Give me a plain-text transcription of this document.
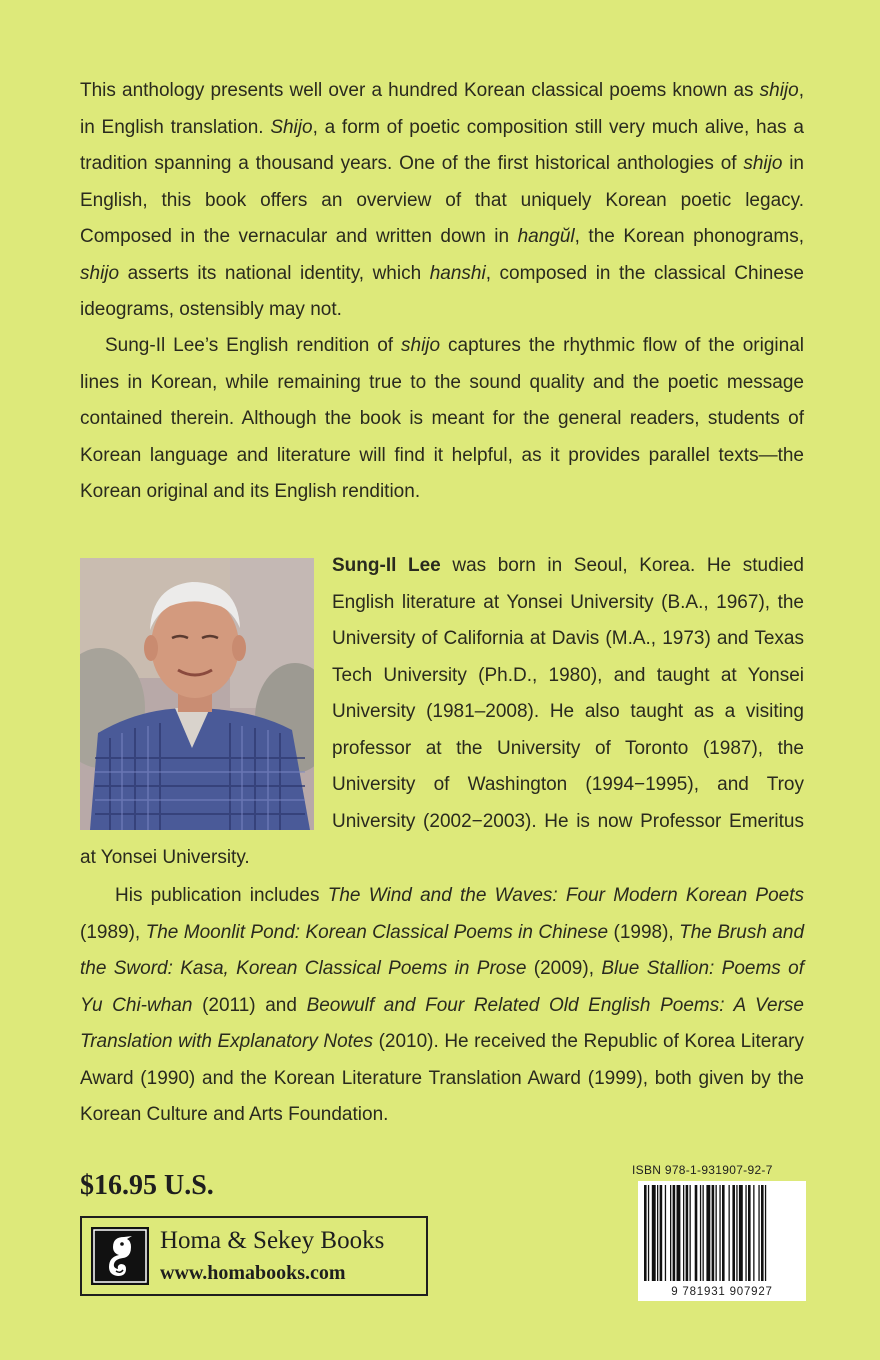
This anthology presents well over a hundred Korean classical poems known as shijo, in English translation. Shijo, a form of poetic composition still very much alive, has a tradition spanning a thousand years. One of the first historical anthologies of shijo in English, this book offers an overview of that uniquely Korean poetic legacy. Composed in the vernacular and written down in hangŭl, the Korean phonograms, shijo asserts its national identity, which hanshi, composed in the classical Chinese ideograms, ostensibly may not.

Sung-Il Lee’s English rendition of shijo captures the rhythmic flow of the original lines in Korean, while remaining true to the sound quality and the poetic message contained therein. Although the book is meant for the general readers, students of Korean language and literature will find it helpful, as it provides parallel texts—the Korean original and its English rendition.

Sung-Il Lee was born in Seoul, Korea. He studied English literature at Yonsei University (B.A., 1967), the University of California at Davis (M.A., 1973) and Texas Tech University (Ph.D., 1980), and taught at Yonsei University (1981–2008). He also taught as a visiting professor at the University of Toronto (1987), the University of Washington (1994−1995), and Troy University (2002−2003). He is now Professor Emeritus at Yonsei University.

His publication includes The Wind and the Waves: Four Modern Korean Poets (1989), The Moonlit Pond: Korean Classical Poems in Chinese (1998), The Brush and the Sword: Kasa, Korean Classical Poems in Prose (2009), Blue Stallion: Poems of Yu Chi-whan (2011) and Beowulf and Four Related Old English Poems: A Verse Translation with Explanatory Notes (2010). He received the Republic of Korea Literary Award (1990) and the Korean Literature Translation Award (1999), both given by the Korean Culture and Arts Foundation.

$16.95 U.S.
Homa & Sekey Books
www.homabooks.com
ISBN 978-1-931907-92-7
9 781931 907927
